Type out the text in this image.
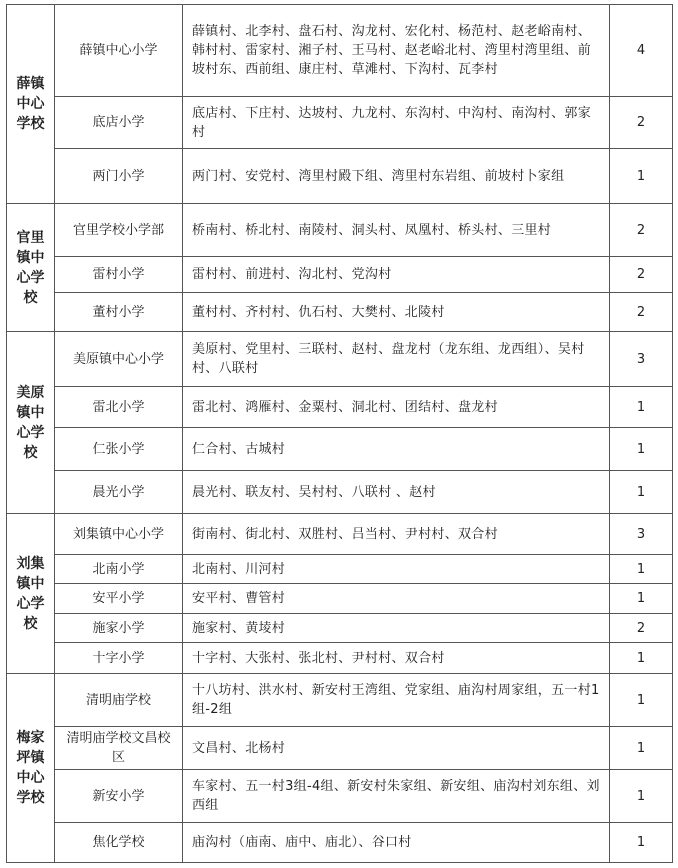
薛镇中心学校	薛镇中心小学	薛镇村、北李村、盘石村、沟龙村、宏化村、杨范村、赵老峪南村、韩村村、雷家村、湘子村、王马村、赵老峪北村、湾里村湾里组、前坡村东、西前组、康庄村、草滩村、下沟村、瓦李村	4
	底店小学	底店村、下庄村、达坡村、九龙村、东沟村、中沟村、南沟村、郭家村	2
	两门小学	两门村、安党村、湾里村殿下组、湾里村东岩组、前坡村卜家组	1

官里镇中心学校	官里学校小学部	桥南村、桥北村、南陵村、洞头村、凤凰村、桥头村、三里村	2
	雷村小学	雷村村、前进村、沟北村、党沟村	2
	董村小学	董村村、齐村村、仇石村、大樊村、北陵村	2

美原镇中心学校	美原镇中心小学	美原村、党里村、三联村、赵村、盘龙村（龙东组、龙西组）、吴村村、八联村	3
	雷北小学	雷北村、鸿雁村、金粟村、洞北村、团结村、盘龙村	1
	仁张小学	仁合村、古城村	1
	晨光小学	晨光村、联友村、吴村村、八联村 、赵村	1

刘集镇中心学校	刘集镇中心小学	街南村、街北村、双胜村、吕当村、尹村村、双合村	3
	北南小学	北南村、川河村	1
	安平小学	安平村、曹管村	1
	施家小学	施家村、黄堎村	2
	十字小学	十字村、大张村、张北村、尹村村、双合村	1

梅家坪镇中心学校	清明庙学校	十八坊村、洪水村、新安村王湾组、党家组、庙沟村周家组，五一村1组-2组	1
	清明庙学校文昌校区	文昌村、北杨村	1
	新安小学	车家村、五一村3组-4组、新安村朱家组、新安组、庙沟村刘东组、刘西组	1
	焦化学校	庙沟村（庙南、庙中、庙北）、谷口村	1
